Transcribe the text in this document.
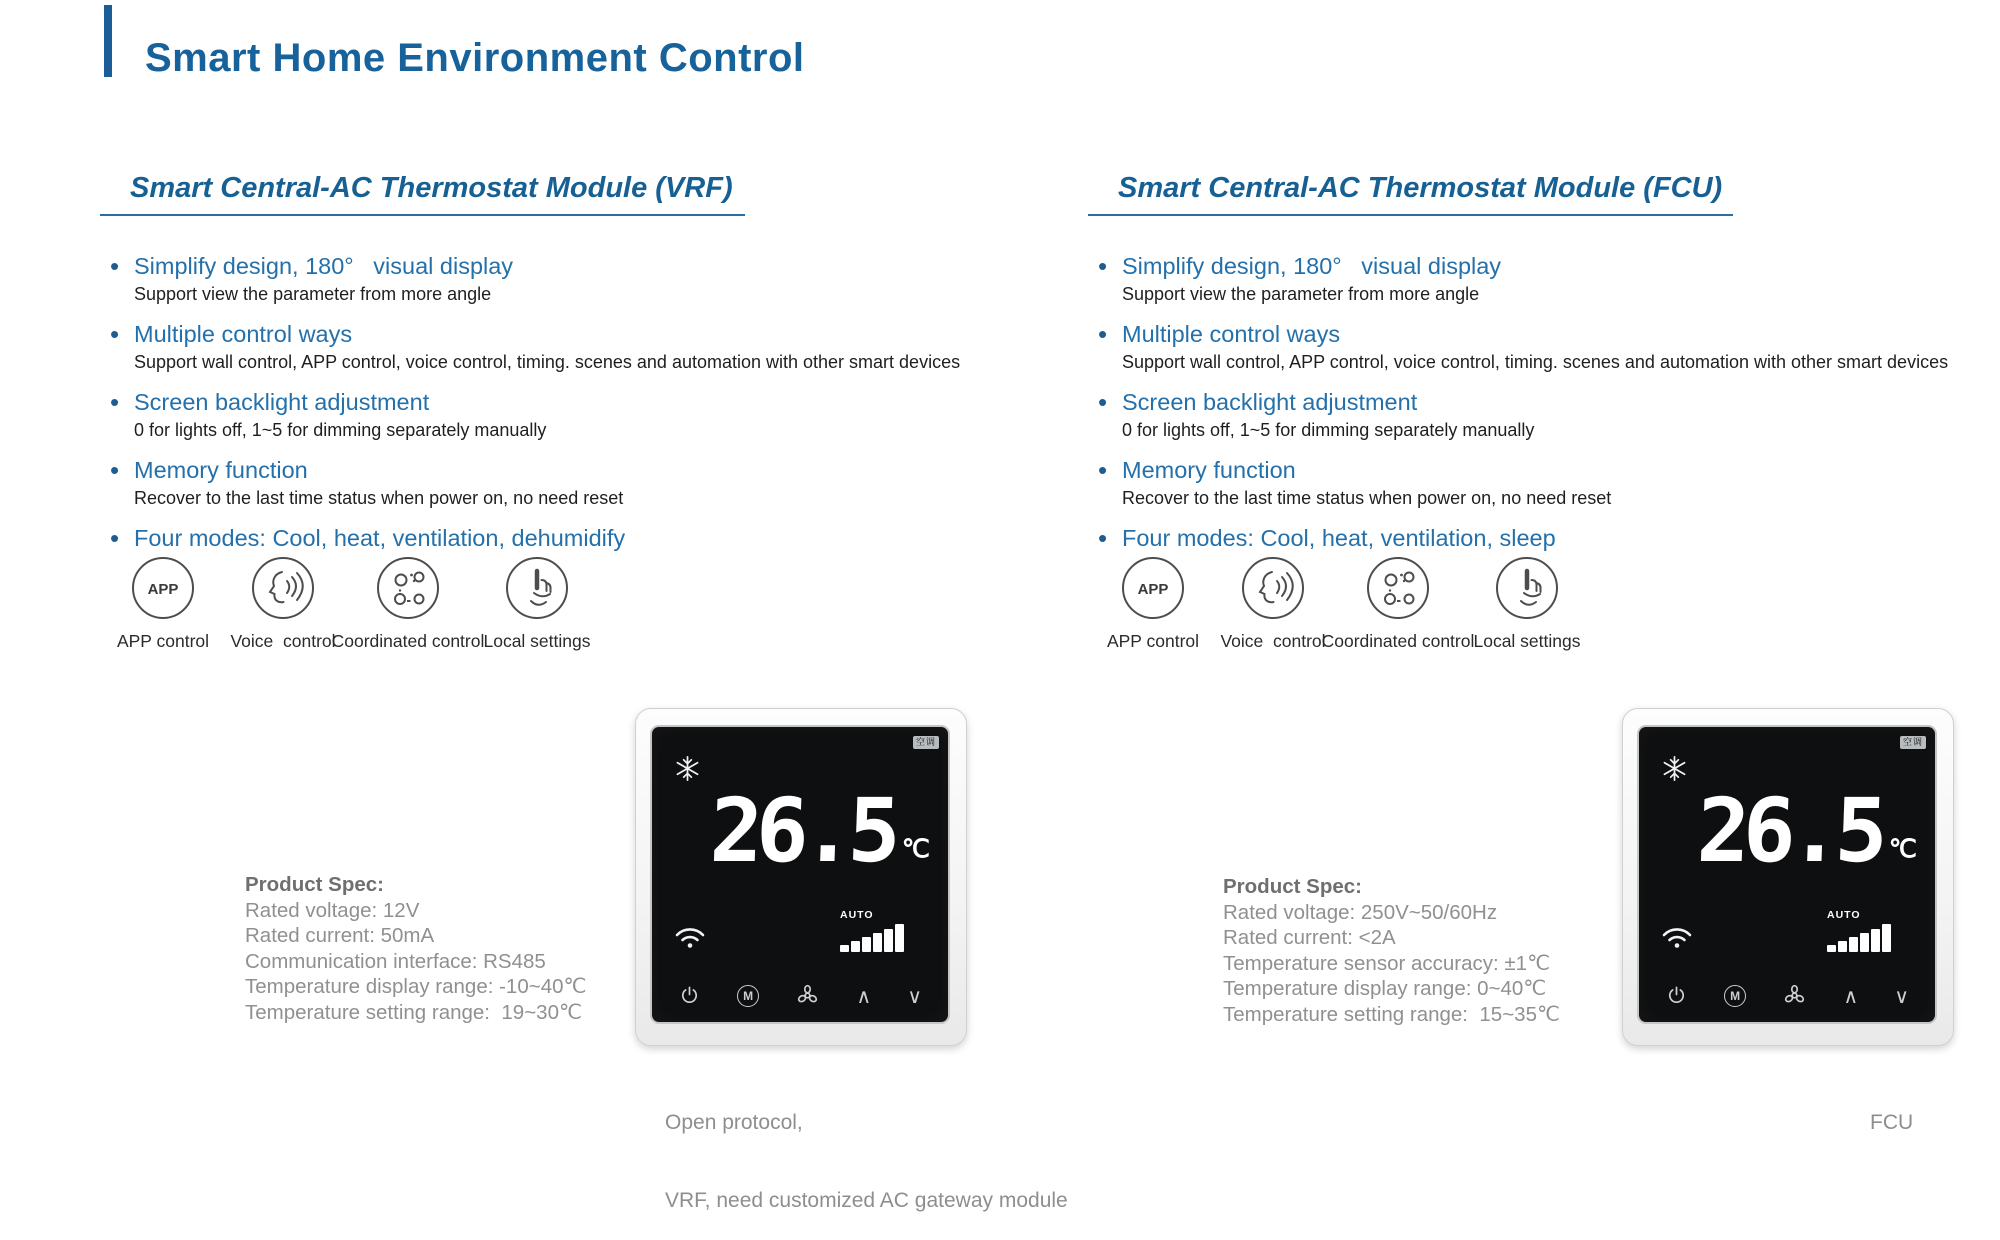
Smart Home Environment Control
Smart Central-AC Thermostat Module (VRF)
• Simplify design, 180°   visual display
Support view the parameter from more angle
• Multiple control ways
Support wall control, APP control, voice control, timing. scenes and automation with other smart devices
• Screen backlight adjustment
0 for lights off, 1~5 for dimming separately manually
• Memory function
Recover to the last time status when power on, no need reset
• Four modes: Cool, heat, ventilation, dehumidify
APP
APP control	Voice  control
Coordinated control Local settings
Product Spec:
Rated voltage: 12V
Rated current: 50mA
Communication interface: RS485
Temperature display range: -10~40℃
Temperature setting range:  19~30℃
空调
26.5 ℃
AUTO
M	∧ ∨

Open protocol,

VRF, need customized AC gateway module

Smart Central-AC Thermostat Module (FCU)
• Simplify design, 180°   visual display
Support view the parameter from more angle
• Multiple control ways
Support wall control, APP control, voice control, timing. scenes and automation with other smart devices
• Screen backlight adjustment
0 for lights off, 1~5 for dimming separately manually
• Memory function
Recover to the last time status when power on, no need reset
• Four modes: Cool, heat, ventilation, sleep
APP
APP control	Voice  control
Coordinated control Local settings
Product Spec:
Rated voltage: 250V~50/60Hz
Rated current: <2A
Temperature sensor accuracy: ±1℃
Temperature display range: 0~40℃
Temperature setting range:  15~35℃
空调
26.5 ℃
AUTO
M	∧ ∨

FCU
